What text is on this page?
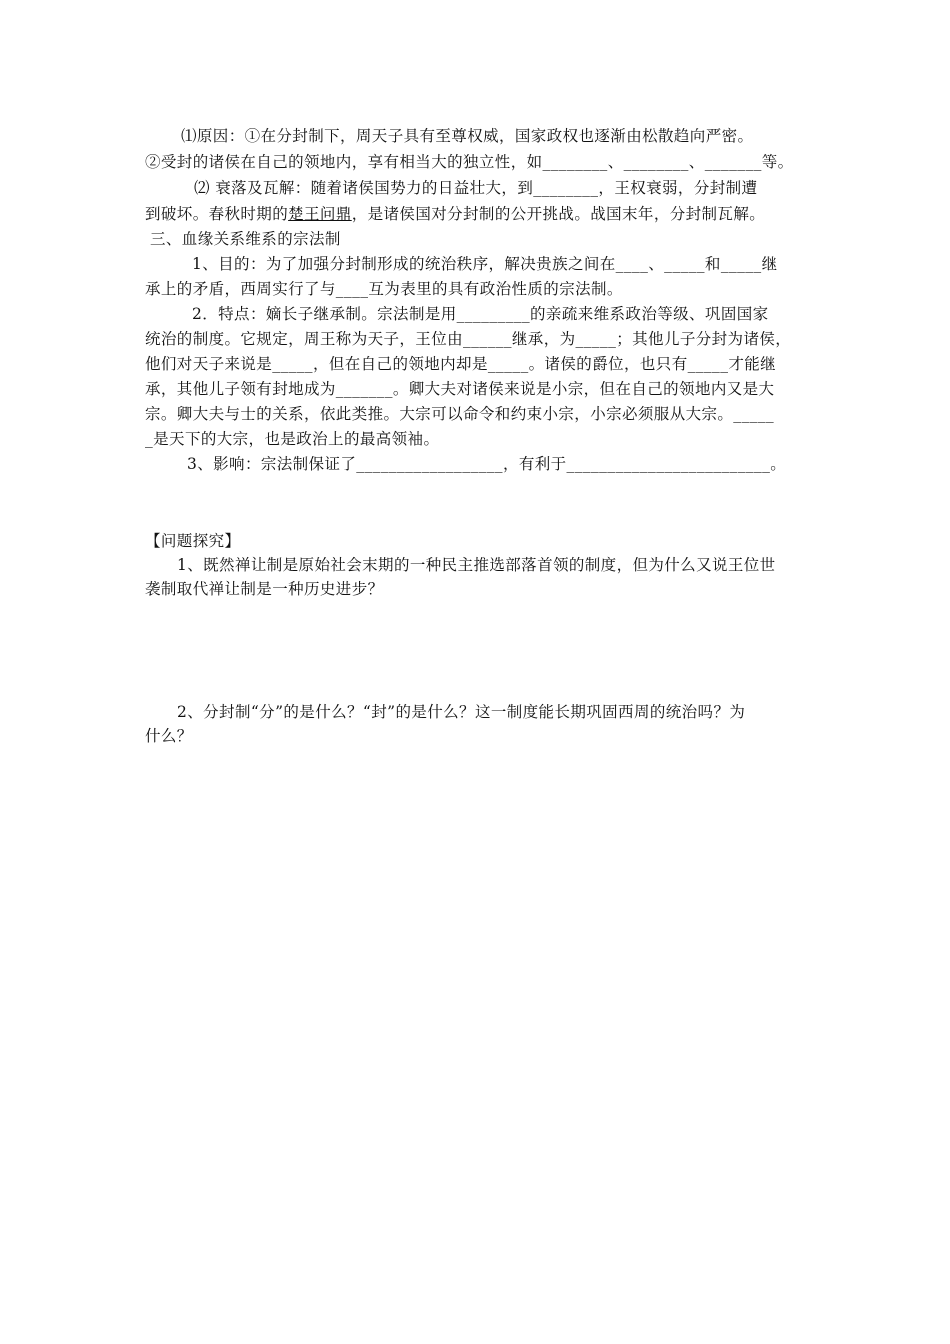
⑴原因：①在分封制下，周天子具有至尊权威，国家政权也逐渐由松散趋向严密。
②受封的诸侯在自己的领地内，享有相当大的独立性，如________、________、_______等。
⑵ 衰落及瓦解：随着诸侯国势力的日益壮大，到________，王权衰弱，分封制遭
到破坏。春秋时期的楚王问鼎，是诸侯国对分封制的公开挑战。战国末年，分封制瓦解。
三、血缘关系维系的宗法制
1、目的：为了加强分封制形成的统治秩序，解决贵族之间在____、_____和_____继
承上的矛盾，西周实行了与____互为表里的具有政治性质的宗法制。
2．特点：嫡长子继承制。宗法制是用_________的亲疏来维系政治等级、巩固国家
统治的制度。它规定，周王称为天子，王位由______继承，为_____；其他儿子分封为诸侯，
他们对天子来说是_____，但在自己的领地内却是_____。诸侯的爵位，也只有_____才能继
承，其他儿子领有封地成为_______。卿大夫对诸侯来说是小宗，但在自己的领地内又是大
宗。卿大夫与士的关系，依此类推。大宗可以命令和约束小宗，小宗必须服从大宗。_____
_是天下的大宗，也是政治上的最高领袖。
3、影响：宗法制保证了__________________，有利于_________________________。
【问题探究】
1、既然禅让制是原始社会末期的一种民主推选部落首领的制度，但为什么又说王位世
袭制取代禅让制是一种历史进步？
2、分封制“分”的是什么？“封”的是什么？这一制度能长期巩固西周的统治吗？为
什么？
